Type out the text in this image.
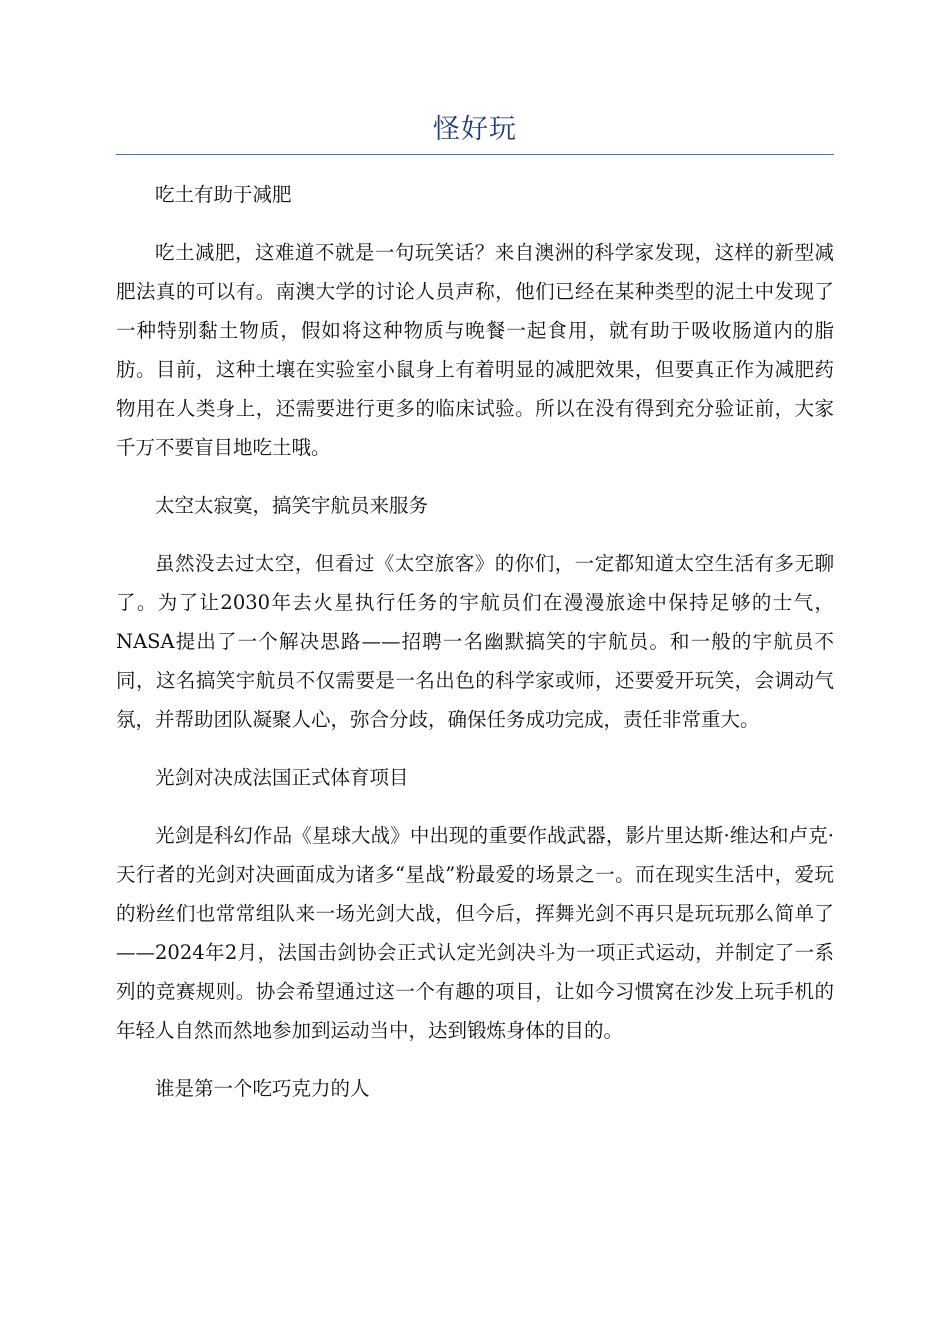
怪好玩

吃土有助于减肥

吃土减肥，这难道不就是一句玩笑话？来自澳洲的科学家发现，这样的新型减肥法真的可以有。南澳大学的讨论人员声称，他们已经在某种类型的泥土中发现了一种特别黏土物质，假如将这种物质与晚餐一起食用，就有助于吸收肠道内的脂肪。目前，这种土壤在实验室小鼠身上有着明显的减肥效果，但要真正作为减肥药物用在人类身上，还需要进行更多的临床试验。所以在没有得到充分验证前，大家千万不要盲目地吃土哦。

太空太寂寞，搞笑宇航员来服务

虽然没去过太空，但看过《太空旅客》的你们，一定都知道太空生活有多无聊了。为了让2030年去火星执行任务的宇航员们在漫漫旅途中保持足够的士气，NASA提出了一个解决思路——招聘一名幽默搞笑的宇航员。和一般的宇航员不同，这名搞笑宇航员不仅需要是一名出色的科学家或师，还要爱开玩笑，会调动气氛，并帮助团队凝聚人心，弥合分歧，确保任务成功完成，责任非常重大。

光剑对决成法国正式体育项目

光剑是科幻作品《星球大战》中出现的重要作战武器，影片里达斯·维达和卢克·天行者的光剑对决画面成为诸多“星战”粉最爱的场景之一。而在现实生活中，爱玩的粉丝们也常常组队来一场光剑大战，但今后，挥舞光剑不再只是玩玩那么简单了——2024年2月，法国击剑协会正式认定光剑决斗为一项正式运动，并制定了一系列的竞赛规则。协会希望通过这一个有趣的项目，让如今习惯窝在沙发上玩手机的年轻人自然而然地参加到运动当中，达到锻炼身体的目的。

谁是第一个吃巧克力的人
